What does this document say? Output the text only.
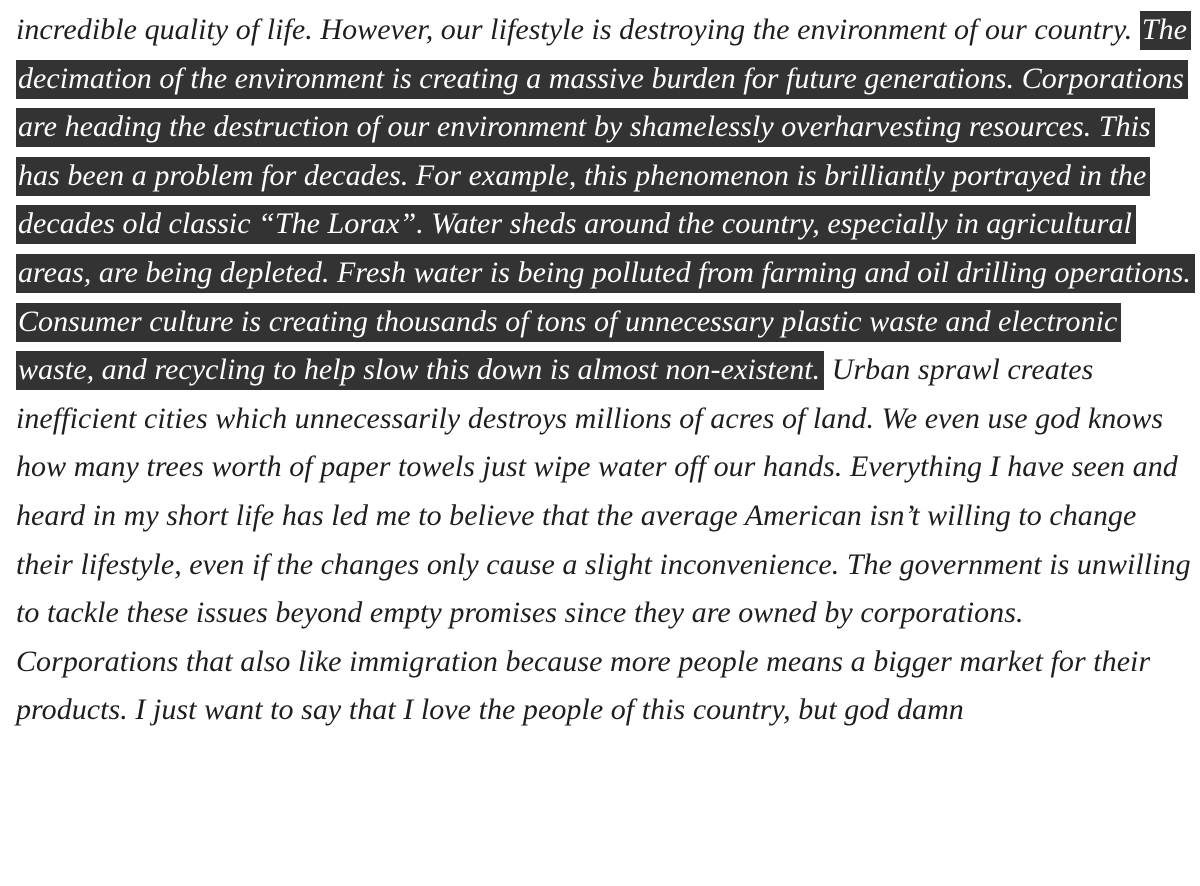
incredible quality of life. However, our lifestyle is destroying the environment of our country. The decimation of the environment is creating a massive burden for future generations. Corporations are heading the destruction of our environment by shamelessly overharvesting resources. This has been a problem for decades. For example, this phenomenon is brilliantly portrayed in the decades old classic “The Lorax”. Water sheds around the country, especially in agricultural areas, are being depleted. Fresh water is being polluted from farming and oil drilling operations. Consumer culture is creating thousands of tons of unnecessary plastic waste and electronic waste, and recycling to help slow this down is almost non-existent. Urban sprawl creates inefficient cities which unnecessarily destroys millions of acres of land. We even use god knows how many trees worth of paper towels just wipe water off our hands. Everything I have seen and heard in my short life has led me to believe that the average American isn’t willing to change their lifestyle, even if the changes only cause a slight inconvenience. The government is unwilling to tackle these issues beyond empty promises since they are owned by corporations. Corporations that also like immigration because more people means a bigger market for their products. I just want to say that I love the people of this country, but god damn
